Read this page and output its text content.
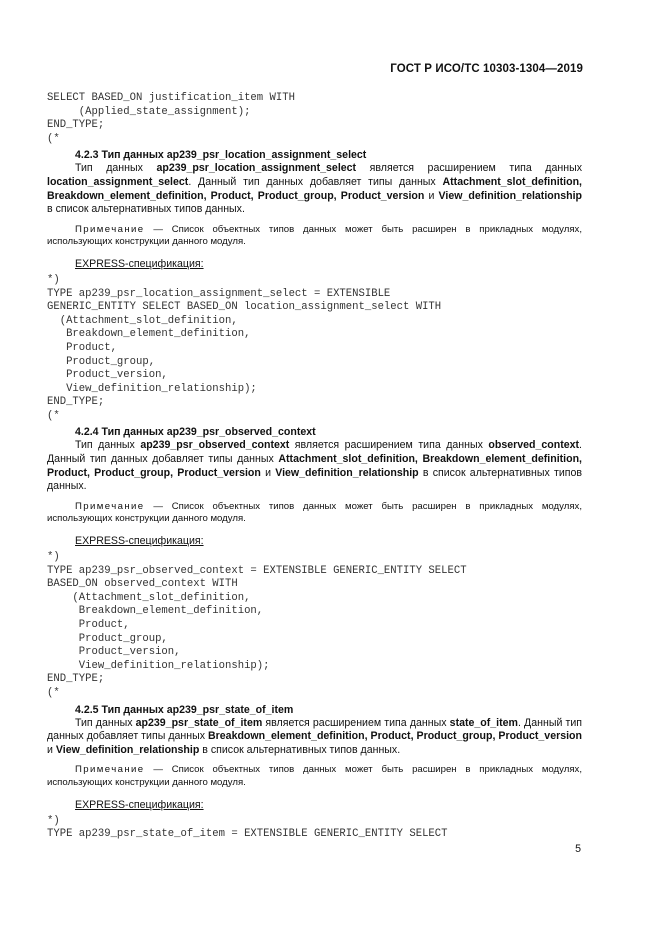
ГОСТ Р ИСО/ТС 10303-1304—2019
SELECT BASED_ON justification_item WITH
(Applied_state_assignment);
END_TYPE;
(*
4.2.3 Тип данных ap239_psr_location_assignment_select

Тип данных ap239_psr_location_assignment_select является расширением типа данных location_assignment_select. Данный тип данных добавляет типы данных Attachment_slot_definition, Breakdown_element_definition, Product, Product_group, Product_version и View_definition_relationship в список альтернативных типов данных.

Примечание — Список объектных типов данных может быть расширен в прикладных модулях, использующих конструкции данного модуля.

EXPRESS-спецификация:
*)
TYPE ap239_psr_location_assignment_select = EXTENSIBLE
GENERIC_ENTITY SELECT BASED_ON location_assignment_select WITH
(Attachment_slot_definition,
Breakdown_element_definition,
Product,
Product_group,
Product_version,
View_definition_relationship);
END_TYPE;
(*
4.2.4 Тип данных ap239_psr_observed_context

Тип данных ap239_psr_observed_context является расширением типа данных observed_context. Данный тип данных добавляет типы данных Attachment_slot_definition, Breakdown_element_definition, Product, Product_group, Product_version и View_definition_relationship в список альтернативных типов данных.

Примечание — Список объектных типов данных может быть расширен в прикладных модулях, использующих конструкции данного модуля.

EXPRESS-спецификация:
*)
TYPE ap239_psr_observed_context = EXTENSIBLE GENERIC_ENTITY SELECT
BASED_ON observed_context WITH
(Attachment_slot_definition,
Breakdown_element_definition,
Product,
Product_group,
Product_version,
View_definition_relationship);
END_TYPE;
(*
4.2.5 Тип данных ap239_psr_state_of_item

Тип данных ap239_psr_state_of_item является расширением типа данных state_of_item. Данный тип данных добавляет типы данных Breakdown_element_definition, Product, Product_group, Product_version и View_definition_relationship в список альтернативных типов данных.

Примечание — Список объектных типов данных может быть расширен в прикладных модулях, использующих конструкции данного модуля.

EXPRESS-спецификация:
*)
TYPE ap239_psr_state_of_item = EXTENSIBLE GENERIC_ENTITY SELECT
5
